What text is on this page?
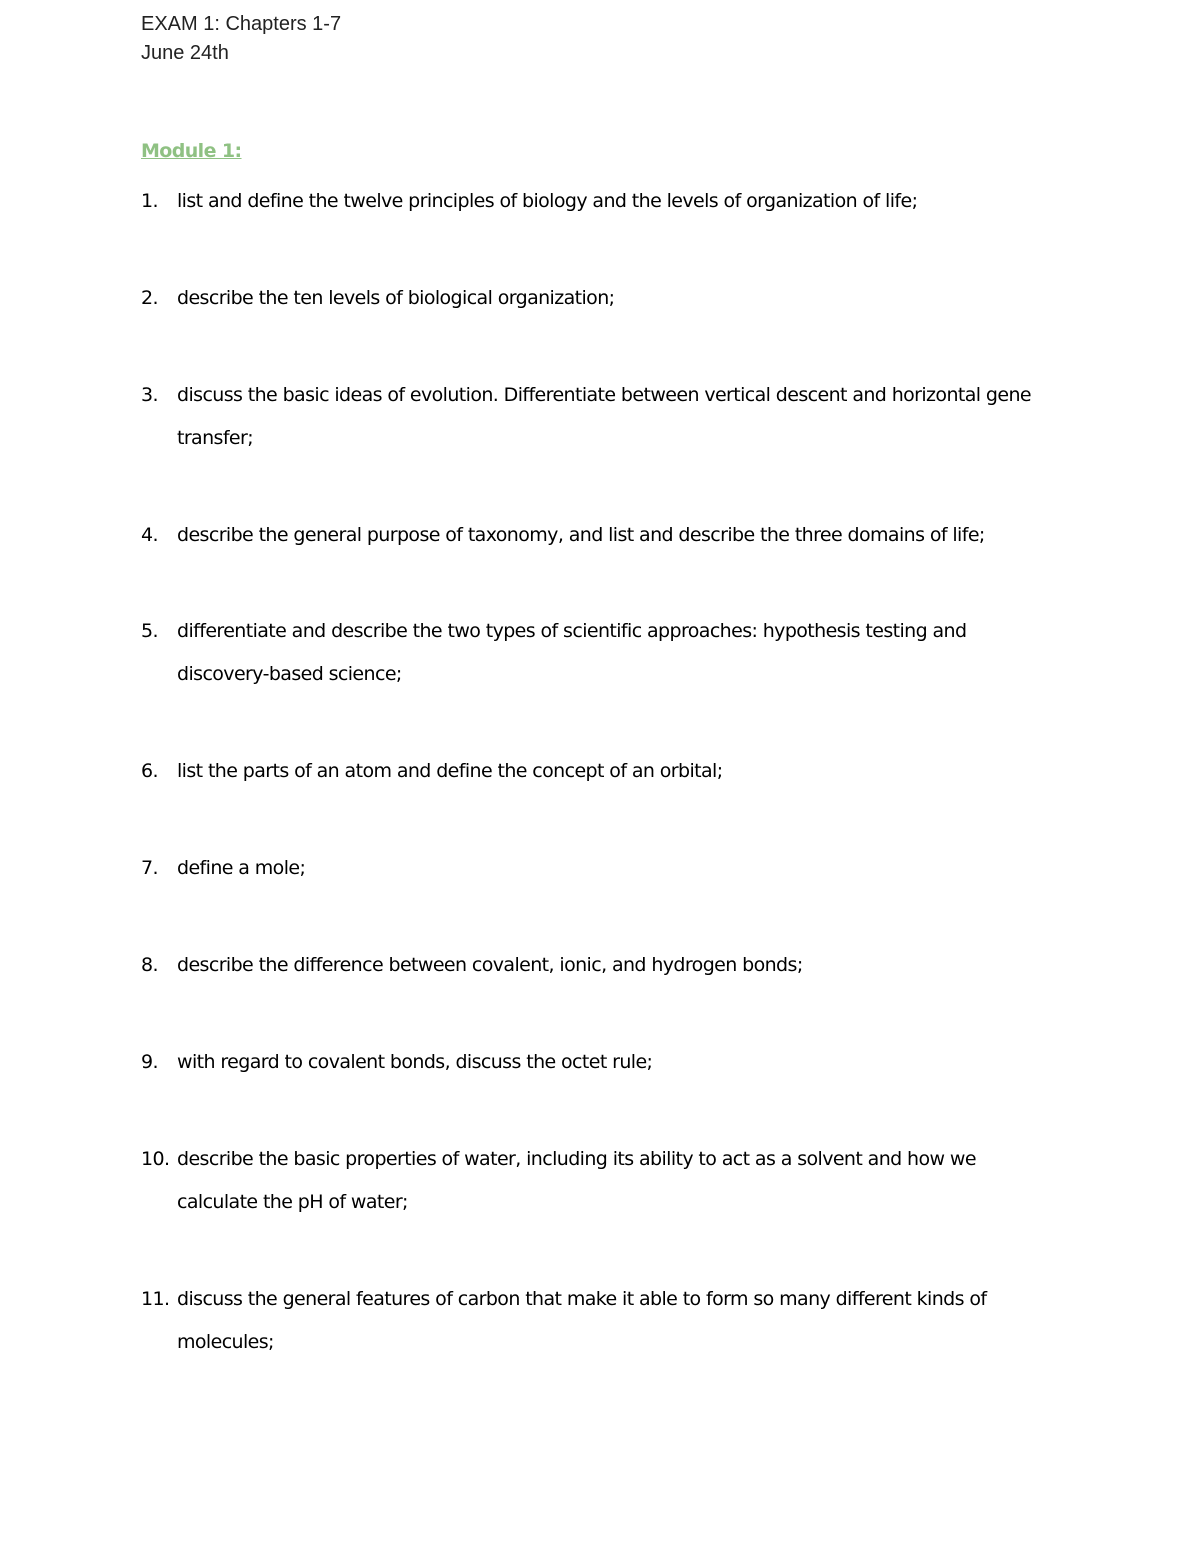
EXAM 1: Chapters 1-7
June 24th
Module 1:
1.	list and define the twelve principles of biology and the levels of organization of life;
2.	describe the ten levels of biological organization;
3.	discuss the basic ideas of evolution. Differentiate between vertical descent and horizontal gene transfer;
4.	describe the general purpose of taxonomy, and list and describe the three domains of life;
5.	differentiate and describe the two types of scientific approaches: hypothesis testing and discovery-based science;
6.	list the parts of an atom and define the concept of an orbital;
7.	define a mole;
8.	describe the difference between covalent, ionic, and hydrogen bonds;
9.	with regard to covalent bonds, discuss the octet rule;
10. describe the basic properties of water, including its ability to act as a solvent and how we calculate the pH of water;
11. discuss the general features of carbon that make it able to form so many different kinds of molecules;
